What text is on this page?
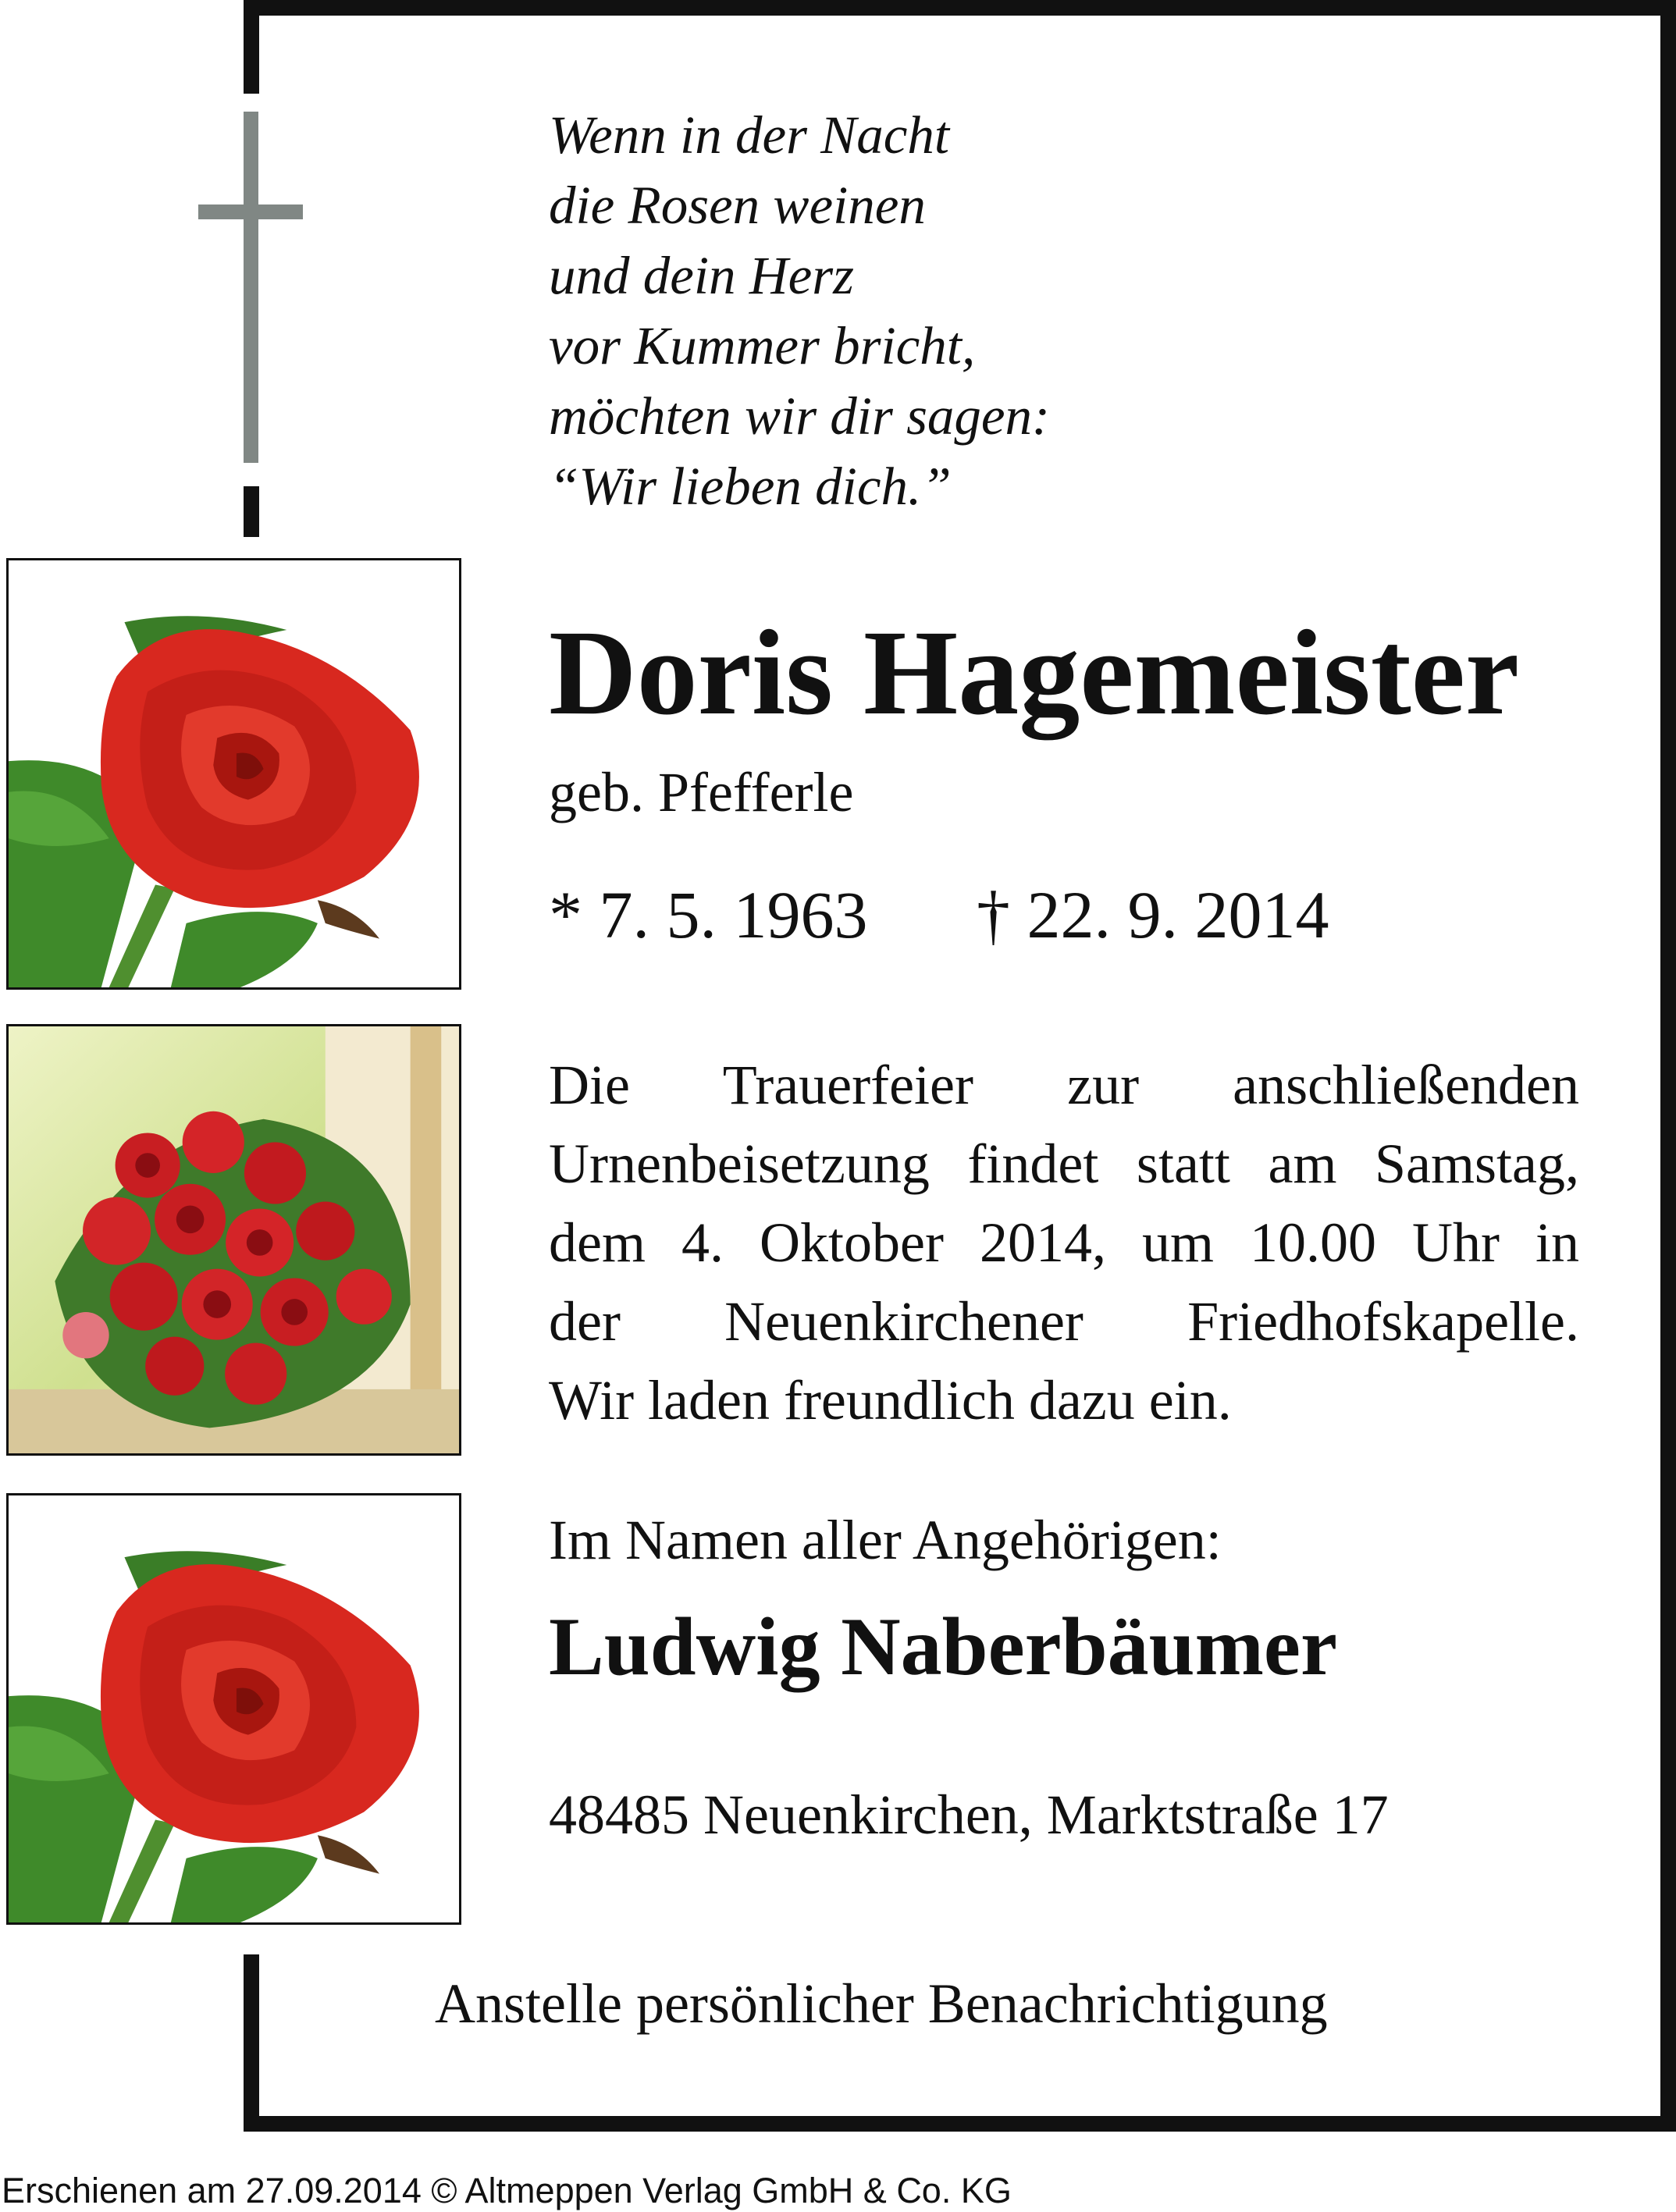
Wenn in der Nacht
die Rosen weinen
und dein Herz
vor Kummer bricht,
möchten wir dir sagen:
“Wir lieben dich.”
Doris Hagemeister
geb. Pfefferle
* 7. 5. 1963 † 22. 9. 2014
Die Trauerfeier zur anschließenden
Urnenbeisetzung findet statt am Samstag,
dem 4. Oktober 2014, um 10.00 Uhr in
der Neuenkirchener Friedhofskapelle.
Wir laden freundlich dazu ein.
Im Namen aller Angehörigen:
Ludwig Naberbäumer
48485 Neuenkirchen, Marktstraße 17
Anstelle persönlicher Benachrichtigung
Erschienen am 27.09.2014 © Altmeppen Verlag GmbH & Co. KG
